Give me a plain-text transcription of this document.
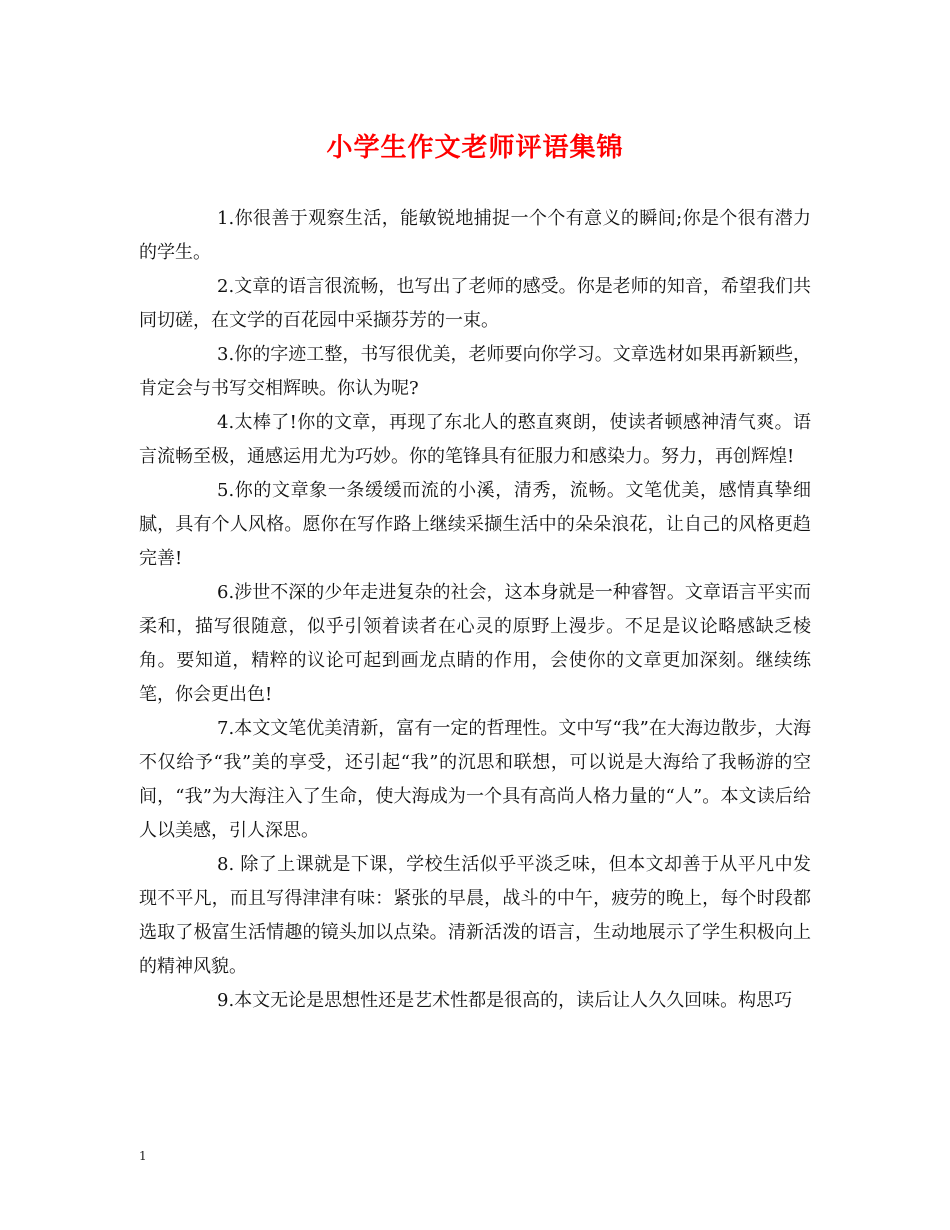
小学生作文老师评语集锦

1.你很善于观察生活，能敏锐地捕捉一个个有意义的瞬间;你是个很有潜力的学生。

2.文章的语言很流畅，也写出了老师的感受。你是老师的知音，希望我们共同切磋，在文学的百花园中采撷芬芳的一束。

3.你的字迹工整，书写很优美，老师要向你学习。文章选材如果再新颖些，肯定会与书写交相辉映。你认为呢?

4.太棒了!你的文章，再现了东北人的憨直爽朗，使读者顿感神清气爽。语言流畅至极，通感运用尤为巧妙。你的笔锋具有征服力和感染力。努力，再创辉煌!

5.你的文章象一条缓缓而流的小溪，清秀，流畅。文笔优美，感情真挚细腻，具有个人风格。愿你在写作路上继续采撷生活中的朵朵浪花，让自己的风格更趋完善!

6.涉世不深的少年走进复杂的社会，这本身就是一种睿智。文章语言平实而柔和，描写很随意，似乎引领着读者在心灵的原野上漫步。不足是议论略感缺乏棱角。要知道，精粹的议论可起到画龙点睛的作用，会使你的文章更加深刻。继续练笔，你会更出色!

7.本文文笔优美清新，富有一定的哲理性。文中写“我”在大海边散步，大海不仅给予“我”美的享受，还引起“我”的沉思和联想，可以说是大海给了我畅游的空间，“我”为大海注入了生命，使大海成为一个具有高尚人格力量的“人”。本文读后给人以美感，引人深思。

8. 除了上课就是下课，学校生活似乎平淡乏味，但本文却善于从平凡中发现不平凡，而且写得津津有味：紧张的早晨，战斗的中午，疲劳的晚上，每个时段都选取了极富生活情趣的镜头加以点染。清新活泼的语言，生动地展示了学生积极向上的精神风貌。

9.本文无论是思想性还是艺术性都是很高的，读后让人久久回味。构思巧

1
